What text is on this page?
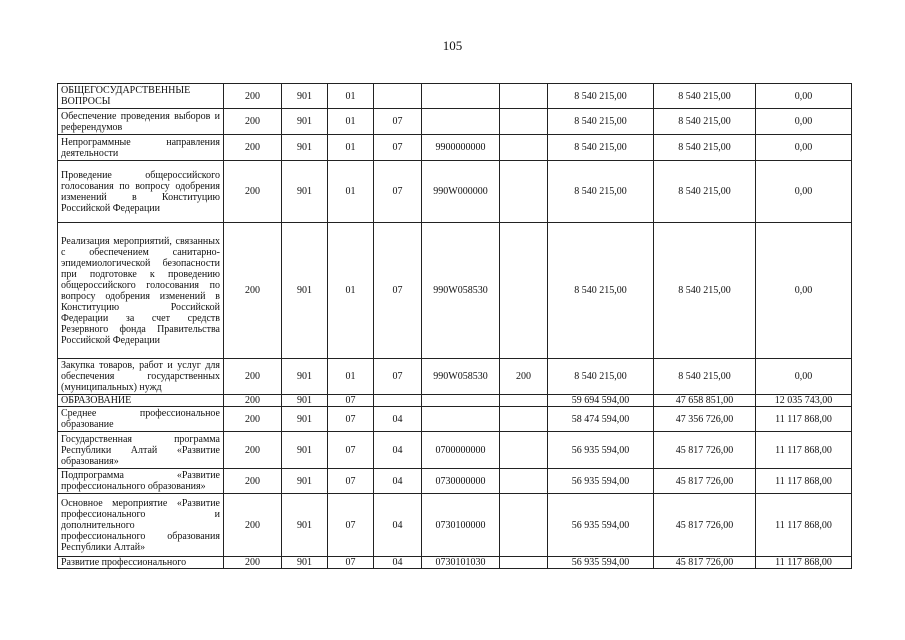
105
ОБЩЕГОСУДАРСТВЕННЫЕ ВОПРОСЫ	200	901	01				8 540 215,00	8 540 215,00	0,00
Обеспечение проведения выборов и референдумов	200	901	01	07			8 540 215,00	8 540 215,00	0,00
Непрограммные направления деятельности	200	901	01	07	9900000000		8 540 215,00	8 540 215,00	0,00
Проведение общероссийского голосования по вопросу одобрения изменений в Конституцию Российской Федерации	200	901	01	07	990W000000		8 540 215,00	8 540 215,00	0,00
Реализация мероприятий, связанных с обеспечением санитарно-эпидемиологической безопасности при подготовке к проведению общероссийского голосования по вопросу одобрения изменений в Конституцию Российской Федерации за счет средств Резервного фонда Правительства Российской Федерации	200	901	01	07	990W058530		8 540 215,00	8 540 215,00	0,00
Закупка товаров, работ и услуг для обеспечения государственных (муниципальных) нужд	200	901	01	07	990W058530	200	8 540 215,00	8 540 215,00	0,00
ОБРАЗОВАНИЕ	200	901	07				59 694 594,00	47 658 851,00	12 035 743,00
Среднее профессиональное образование	200	901	07	04			58 474 594,00	47 356 726,00	11 117 868,00
Государственная программа Республики Алтай «Развитие образования»	200	901	07	04	0700000000		56 935 594,00	45 817 726,00	11 117 868,00
Подпрограмма «Развитие профессионального образования»	200	901	07	04	0730000000		56 935 594,00	45 817 726,00	11 117 868,00
Основное мероприятие «Развитие профессионального и дополнительного профессионального образования Республики Алтай»	200	901	07	04	0730100000		56 935 594,00	45 817 726,00	11 117 868,00
Развитие профессионального	200	901	07	04	0730101030		56 935 594,00	45 817 726,00	11 117 868,00
